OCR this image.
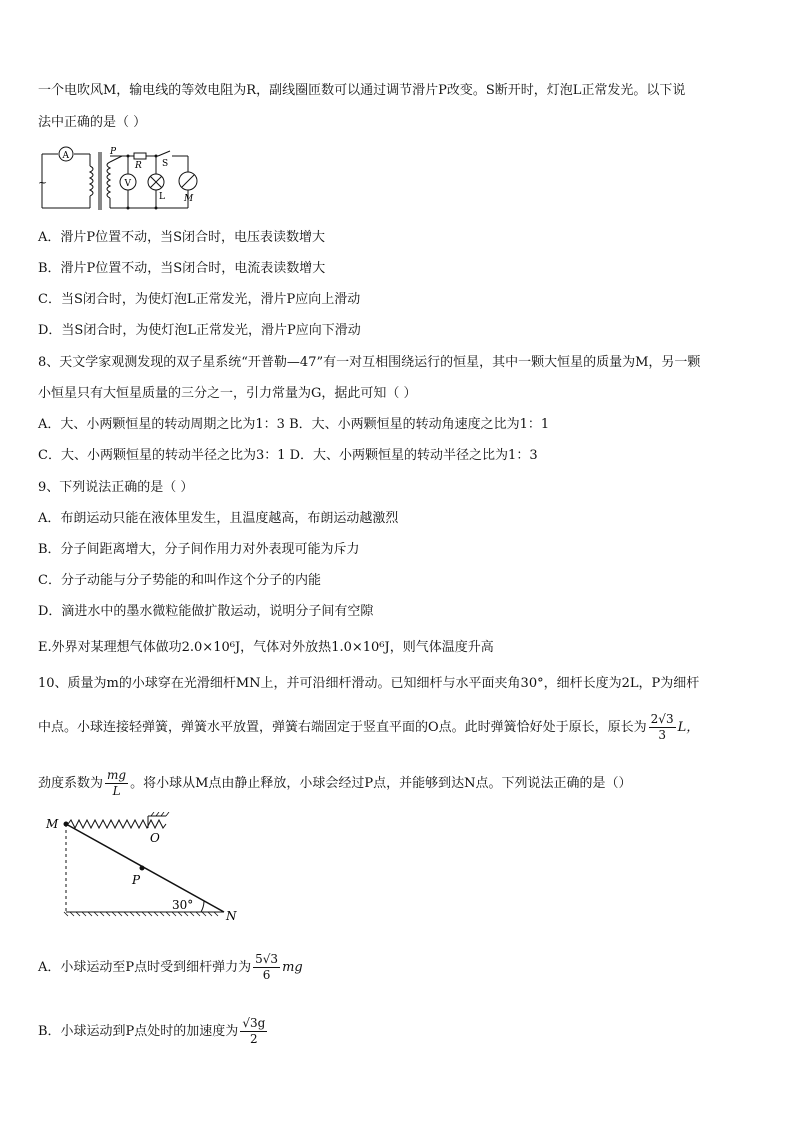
一个电吹风M，输电线的等效电阻为R，副线圈匝数可以通过调节滑片P改变。S断开时，灯泡L正常发光。以下说
法中正确的是（ ）
A
~	V
P
R S
L M
A．滑片P位置不动，当S闭合时，电压表读数增大
B．滑片P位置不动，当S闭合时，电流表读数增大
C．当S闭合时，为使灯泡L正常发光，滑片P应向上滑动
D．当S闭合时，为使灯泡L正常发光，滑片P应向下滑动
8、天文学家观测发现的双子星系统“开普勒—47”有一对互相围绕运行的恒星，其中一颗大恒星的质量为M，另一颗
小恒星只有大恒星质量的三分之一，引力常量为G，据此可知（ ）
A．大、小两颗恒星的转动周期之比为1：3 B．大、小两颗恒星的转动角速度之比为1：1
C．大、小两颗恒星的转动半径之比为3：1 D．大、小两颗恒星的转动半径之比为1：3
9、下列说法正确的是（ ）
A．布朗运动只能在液体里发生，且温度越高，布朗运动越激烈
B．分子间距离增大，分子间作用力对外表现可能为斥力
C．分子动能与分子势能的和叫作这个分子的内能
D．滴进水中的墨水微粒能做扩散运动，说明分子间有空隙
E.外界对某理想气体做功2.0×10⁶J，气体对外放热1.0×10⁶J，则气体温度升高
10、质量为m的小球穿在光滑细杆MN上，并可沿细杆滑动。已知细杆与水平面夹角30°，细杆长度为2L，P为细杆
中点。小球连接轻弹簧，弹簧水平放置，弹簧右端固定于竖直平面的O点。此时弹簧恰好处于原长，原长为 $\frac{2√3}{3}$ L，
劲度系数为 $\frac{mg}{L}$ 。将小球从M点由静止释放，小球会经过P点，并能够到达N点。下列说法正确的是（）
M
O
P
N
30°
A．小球运动至P点时受到细杆弹力为 $\frac{5√3}{6}$ mg
B．小球运动到P点处时的加速度为 $\frac{√3g}{2}$
